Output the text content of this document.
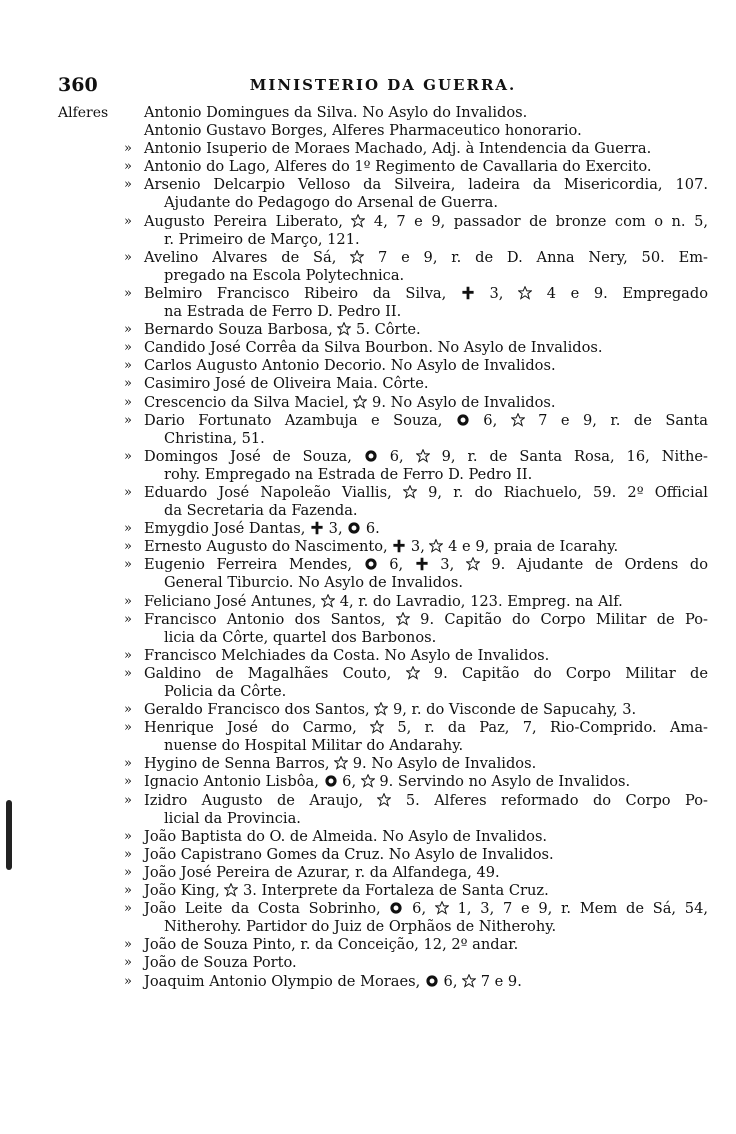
360	MINISTERIO DA GUERRA.
Alferes	Antonio Domingues da Silva. No Asylo do Invalidos.
Antonio Gustavo Borges, Alferes Pharmaceutico honorario.
» Antonio Isuperio de Moraes Machado, Adj. à Intendencia da Guerra.
» Antonio do Lago, Alferes do 1º Regimento de Cavallaria do Exercito.
» Arsenio Delcarpio Velloso da Silveira, ladeira da Misericordia, 107.
Ajudante do Pedagogo do Arsenal de Guerra.
» Augusto Pereira Liberato,
4, 7 e 9, passador de bronze com o n. 5,
r. Primeiro de Março, 121.
» Avelino Alvares de Sá,
7 e 9, r. de D. Anna Nery, 50. Em-
pregado na Escola Polytechnica.
» Belmiro Francisco Ribeiro da Silva,
3,
4 e 9. Empregado
na Estrada de Ferro D. Pedro II.
» Bernardo Souza Barbosa,
5. Côrte.
» Candido José Corrêa da Silva Bourbon. No Asylo de Invalidos.
» Carlos Augusto Antonio Decorio. No Asylo de Invalidos.
» Casimiro José de Oliveira Maia. Côrte.
» Crescencio da Silva Maciel,
9. No Asylo de Invalidos.
» Dario Fortunato Azambuja e Souza,
6,
7 e 9, r. de Santa
Christina, 51.
» Domingos José de Souza,
6,
9, r. de Santa Rosa, 16, Nithe-
rohy. Empregado na Estrada de Ferro D. Pedro II.
» Eduardo José Napoleão Viallis,
9, r. do Riachuelo, 59. 2º Official
da Secretaria da Fazenda.
» Emygdio José Dantas,
3,
6.
» Ernesto Augusto do Nascimento,
3,
4 e 9, praia de Icarahy.
» Eugenio Ferreira Mendes,
6,
3,
9. Ajudante de Ordens do
General Tiburcio. No Asylo de Invalidos.
» Feliciano José Antunes,
4, r. do Lavradio, 123. Empreg. na Alf.
» Francisco Antonio dos Santos,
9. Capitão do Corpo Militar de Po-
licia da Côrte, quartel dos Barbonos.
» Francisco Melchiades da Costa. No Asylo de Invalidos.
» Galdino de Magalhães Couto,
9. Capitão do Corpo Militar de
Policia da Côrte.
» Geraldo Francisco dos Santos,
9, r. do Visconde de Sapucahy, 3.
» Henrique José do Carmo,
5, r. da Paz, 7, Rio-Comprido. Ama-
nuense do Hospital Militar do Andarahy.
» Hygino de Senna Barros,
9. No Asylo de Invalidos.
» Ignacio Antonio Lisbôa,
6,
9. Servindo no Asylo de Invalidos.
» Izidro Augusto de Araujo,
5. Alferes reformado do Corpo Po-
licial da Provincia.
» João Baptista do O. de Almeida. No Asylo de Invalidos.
» João Capistrano Gomes da Cruz. No Asylo de Invalidos.
» João José Pereira de Azurar, r. da Alfandega, 49.
» João King,
3. Interprete da Fortaleza de Santa Cruz.
» João Leite da Costa Sobrinho,
6,
1, 3, 7 e 9, r. Mem de Sá, 54,
Nitherohy. Partidor do Juiz de Orphãos de Nitherohy.
» João de Souza Pinto, r. da Conceição, 12, 2º andar.
» João de Souza Porto.
» Joaquim Antonio Olympio de Moraes,
6,
7 e 9.
